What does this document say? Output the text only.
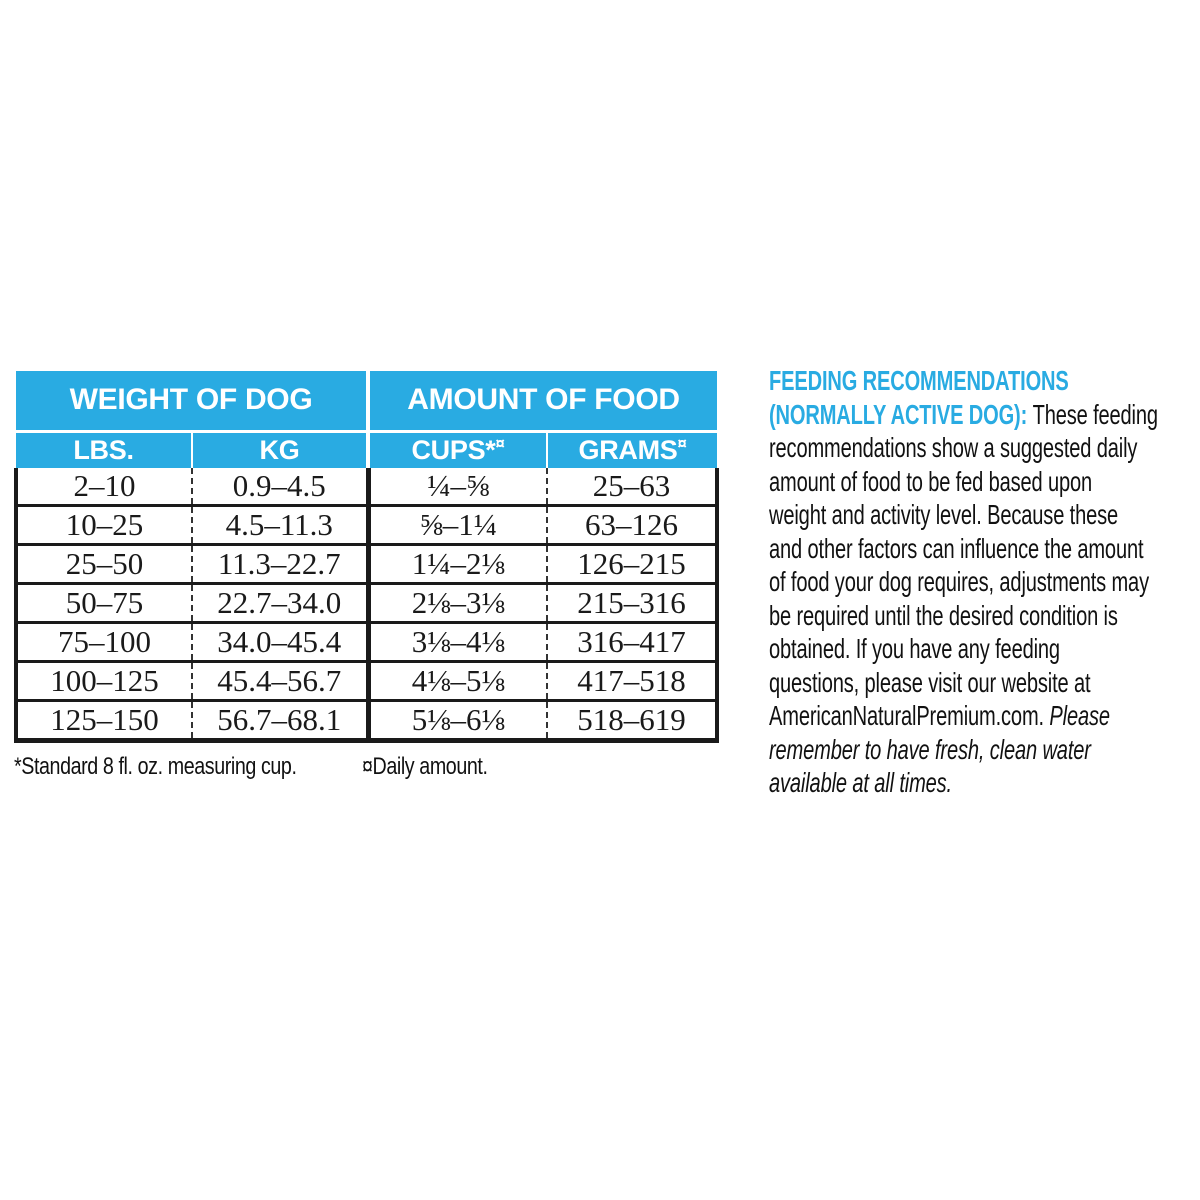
WEIGHT OF DOG		AMOUNT OF FOOD	
LBS.	KG	CUPS*¤	GRAMS¤
2–10	0.9–4.5	¼–⅝	25–63
10–25	4.5–11.3	⅝–1¼	63–126
25–50	11.3–22.7	1¼–2⅛	126–215
50–75	22.7–34.0	2⅛–3⅛	215–316
75–100	34.0–45.4	3⅛–4⅛	316–417
100–125	45.4–56.7	4⅛–5⅛	417–518
125–150	56.7–68.1	5⅛–6⅛	518–619
*Standard 8 fl. oz. measuring cup.	¤Daily amount.
FEEDING RECOMMENDATIONS
(NORMALLY ACTIVE DOG): These feeding
recommendations show a suggested daily
amount of food to be fed based upon
weight and activity level. Because these
and other factors can influence the amount
of food your dog requires, adjustments may
be required until the desired condition is
obtained. If you have any feeding
questions, please visit our website at
AmericanNaturalPremium.com. Please
remember to have fresh, clean water
available at all times.
